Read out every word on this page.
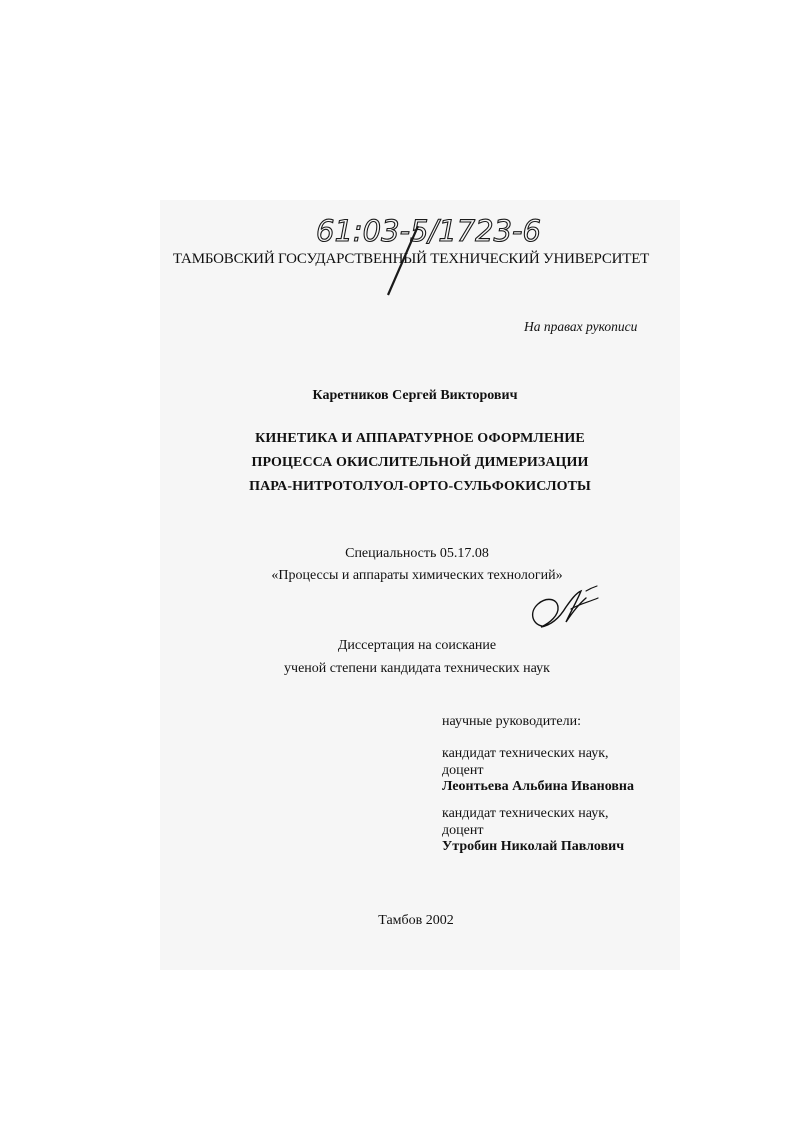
61:03-5/1723-6
ТАМБОВСКИЙ ГОСУДАРСТВЕННЫЙ ТЕХНИЧЕСКИЙ УНИВЕРСИТЕТ
На правах рукописи
Каретников Сергей Викторович
КИНЕТИКА И АППАРАТУРНОЕ ОФОРМЛЕНИЕ
ПРОЦЕССА ОКИСЛИТЕЛЬНОЙ ДИМЕРИЗАЦИИ
ПАРА-НИТРОТОЛУОЛ-ОРТО-СУЛЬФОКИСЛОТЫ
Специальность 05.17.08
«Процессы и аппараты химических технологий»
Диссертация на соискание
ученой степени кандидата технических наук
научные руководители:
кандидат технических наук,
доцент
Леонтьева Альбина Ивановна
кандидат технических наук,
доцент
Утробин Николай Павлович
Тамбов 2002
